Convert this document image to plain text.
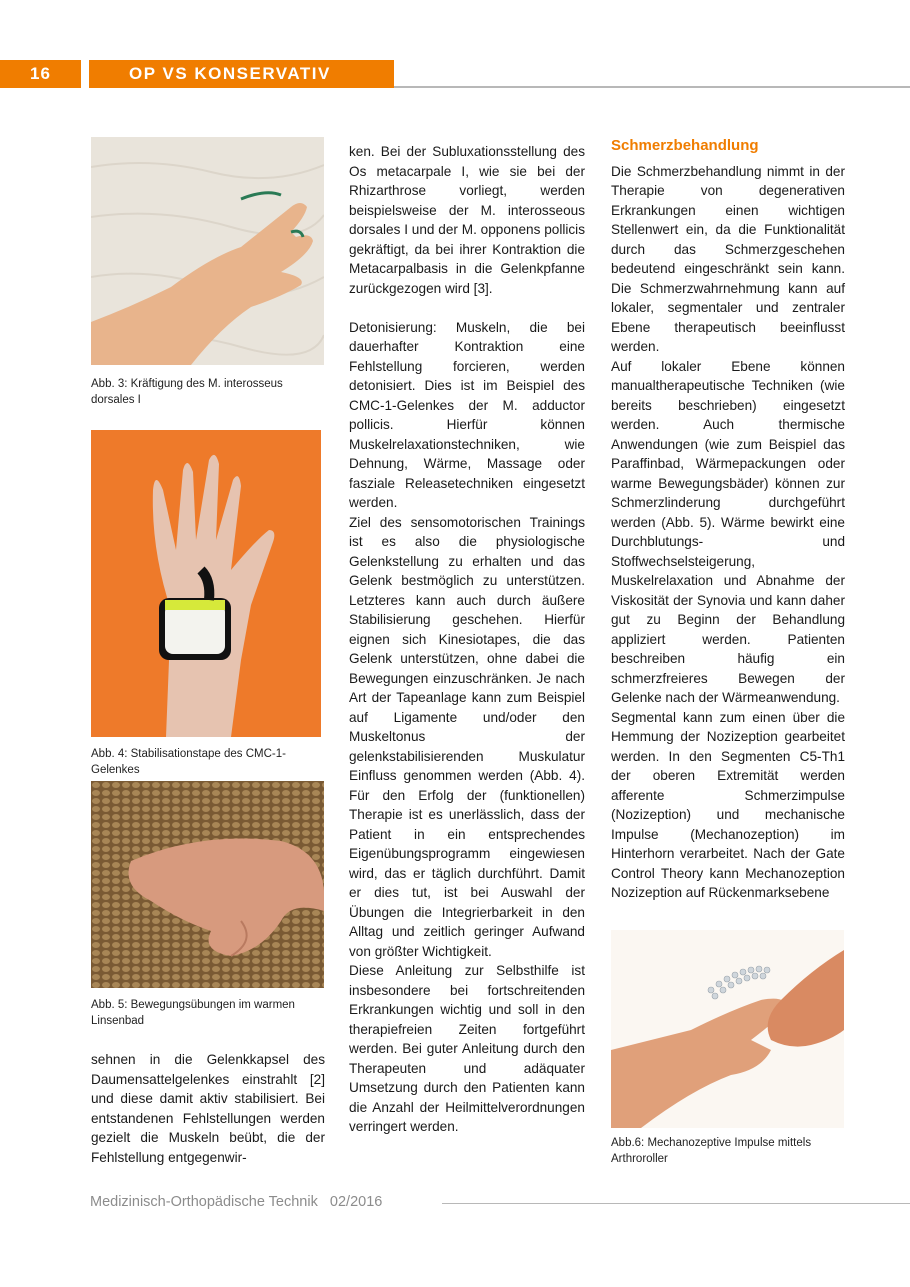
16	OP VS KONSERVATIV
Abb. 3: Kräftigung des M. interosseus dorsales I
Abb. 4: Stabilisationstape des CMC-1-Gelenkes
Abb. 5: Bewegungsübungen im warmen Linsenbad

sehnen in die Gelenkkapsel des Daumensattelgelenkes einstrahlt [2] und diese damit aktiv stabilisiert. Bei entstandenen Fehlstellungen werden gezielt die Muskeln beübt, die der Fehlstellung entgegenwir-

ken. Bei der Subluxationsstellung des Os metacarpale I, wie sie bei der Rhizarthrose vorliegt, werden beispielsweise der M. interosseous dorsales I und der M. opponens pollicis gekräftigt, da bei ihrer Kontraktion die Metacarpalbasis in die Gelenkpfanne zurückgezogen wird [3].

Detonisierung: Muskeln, die bei dauerhafter Kontraktion eine Fehlstellung forcieren, werden detonisiert. Dies ist im Beispiel des CMC-1-Gelenkes der M. adductor pollicis. Hierfür können Muskelrelaxationstechniken, wie Dehnung, Wärme, Massage oder fasziale Releasetechniken eingesetzt werden.

Ziel des sensomotorischen Trainings ist es also die physiologische Gelenkstellung zu erhalten und das Gelenk bestmöglich zu unterstützen. Letzteres kann auch durch äußere Stabilisierung geschehen. Hierfür eignen sich Kinesiotapes, die das Gelenk unterstützen, ohne dabei die Bewegungen einzuschränken. Je nach Art der Tapeanlage kann zum Beispiel auf Ligamente und/oder den Muskeltonus der gelenkstabilisierenden Muskulatur Einfluss genommen werden (Abb. 4). Für den Erfolg der (funktionellen) Therapie ist es unerlässlich, dass der Patient in ein entsprechendes Eigenübungsprogramm eingewiesen wird, das er täglich durchführt. Damit er dies tut, ist bei Auswahl der Übungen die Integrierbarkeit in den Alltag und zeitlich geringer Aufwand von größter Wichtigkeit.

Diese Anleitung zur Selbsthilfe ist insbesondere bei fortschreitenden Erkrankungen wichtig und soll in den therapiefreien Zeiten fortgeführt werden. Bei guter Anleitung durch den Therapeuten und adäquater Umsetzung durch den Patienten kann die Anzahl der Heilmittelverordnungen verringert werden.

Schmerzbehandlung

Die Schmerzbehandlung nimmt in der Therapie von degenerativen Erkrankungen einen wichtigen Stellenwert ein, da die Funktionalität durch das Schmerzgeschehen bedeutend eingeschränkt sein kann. Die Schmerzwahrnehmung kann auf lokaler, segmentaler und zentraler Ebene therapeutisch beeinflusst werden.

Auf lokaler Ebene können manualtherapeutische Techniken (wie bereits beschrieben) eingesetzt werden. Auch thermische Anwendungen (wie zum Beispiel das Paraffinbad, Wärmepackungen oder warme Bewegungsbäder) können zur Schmerzlinderung durchgeführt werden (Abb. 5). Wärme bewirkt eine Durchblutungs- und Stoffwechselsteigerung, Muskelrelaxation und Abnahme der Viskosität der Synovia und kann daher gut zu Beginn der Behandlung appliziert werden. Patienten beschreiben häufig ein schmerzfreieres Bewegen der Gelenke nach der Wärmeanwendung.

Segmental kann zum einen über die Hemmung der Nozizeption gearbeitet werden. In den Segmenten C5-Th1 der oberen Extremität werden afferente Schmerzimpulse (Nozizeption) und mechanische Impulse (Mechanozeption) im Hinterhorn verarbeitet. Nach der Gate Control Theory kann Mechanozeption Nozizeption auf Rückenmarksebene

Abb.6: Mechanozeptive Impulse mittels Arthroroller
Medizinisch-Orthopädische Technik 02/2016
